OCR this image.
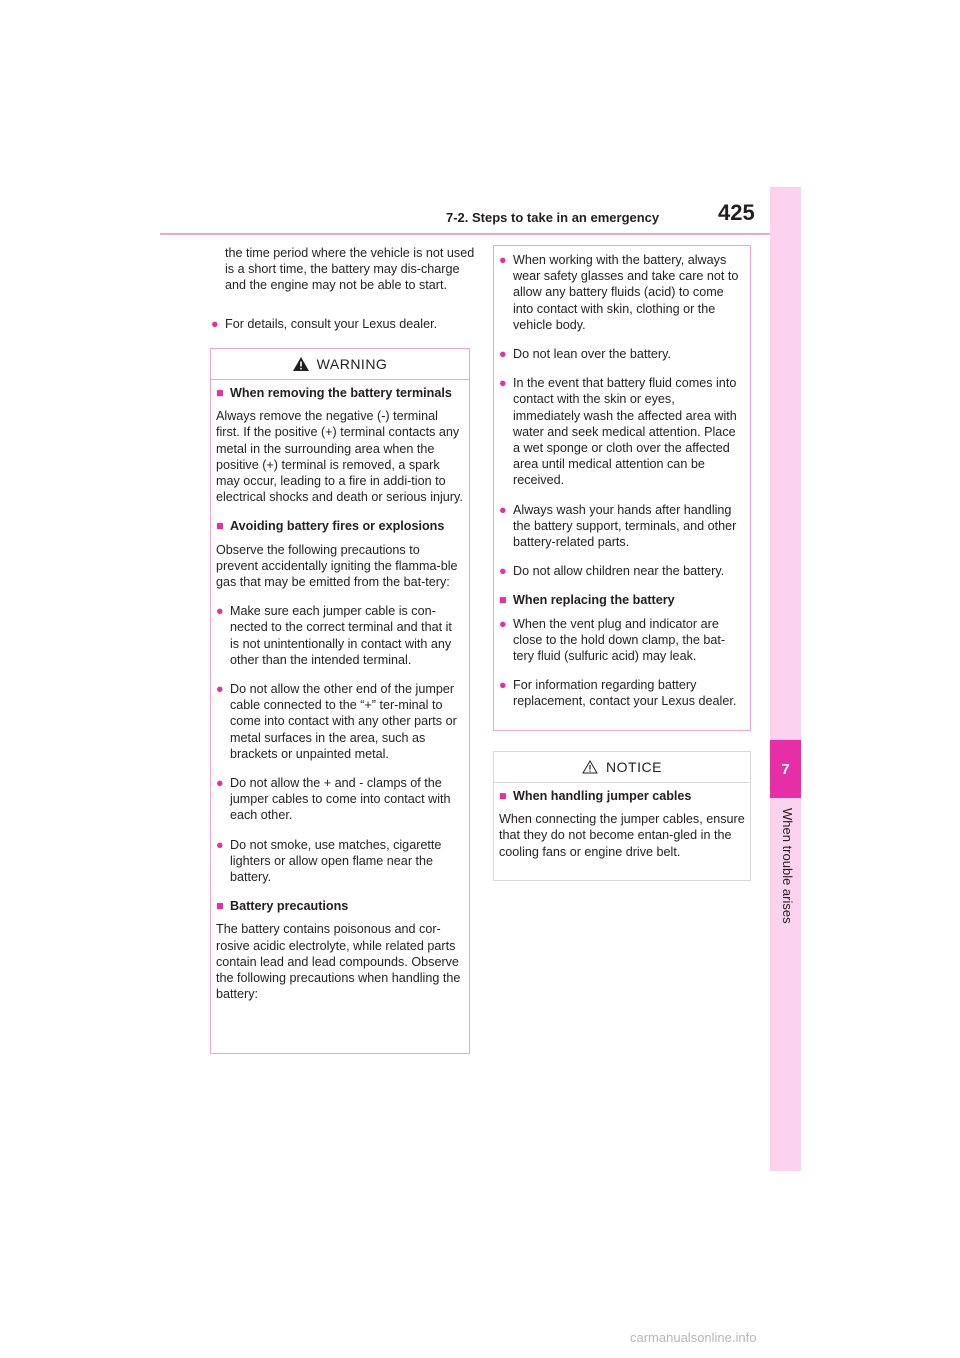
7-2. Steps to take in an emergency	425
7
When trouble arises
the time period where the vehicle is not used is a short time, the battery may dis-charge and the engine may not be able to start.
● For details, consult your Lexus dealer.
WARNING
■ When removing the battery terminals
Always remove the negative (-) terminal first. If the positive (+) terminal contacts any metal in the surrounding area when the positive (+) terminal is removed, a spark may occur, leading to a fire in addi-tion to electrical shocks and death or serious injury.
■ Avoiding battery fires or explosions
Observe the following precautions to prevent accidentally igniting the flamma-ble gas that may be emitted from the bat-tery:
● Make sure each jumper cable is con-nected to the correct terminal and that it is not unintentionally in contact with any other than the intended terminal.
● Do not allow the other end of the jumper cable connected to the “+” ter-minal to come into contact with any other parts or metal surfaces in the area, such as brackets or unpainted metal.
● Do not allow the + and - clamps of the jumper cables to come into contact with each other.
● Do not smoke, use matches, cigarette lighters or allow open flame near the battery.
■ Battery precautions
The battery contains poisonous and cor-rosive acidic electrolyte, while related parts contain lead and lead compounds. Observe the following precautions when handling the battery:
● When working with the battery, always wear safety glasses and take care not to allow any battery fluids (acid) to come into contact with skin, clothing or the vehicle body.
● Do not lean over the battery.
● In the event that battery fluid comes into contact with the skin or eyes, immediately wash the affected area with water and seek medical attention. Place a wet sponge or cloth over the affected area until medical attention can be received.
● Always wash your hands after handling the battery support, terminals, and other battery-related parts.
● Do not allow children near the battery.
■ When replacing the battery
● When the vent plug and indicator are close to the hold down clamp, the bat-tery fluid (sulfuric acid) may leak.
● For information regarding battery replacement, contact your Lexus dealer.
NOTICE
■ When handling jumper cables
When connecting the jumper cables, ensure that they do not become entan-gled in the cooling fans or engine drive belt.
carmanualsonline.info
